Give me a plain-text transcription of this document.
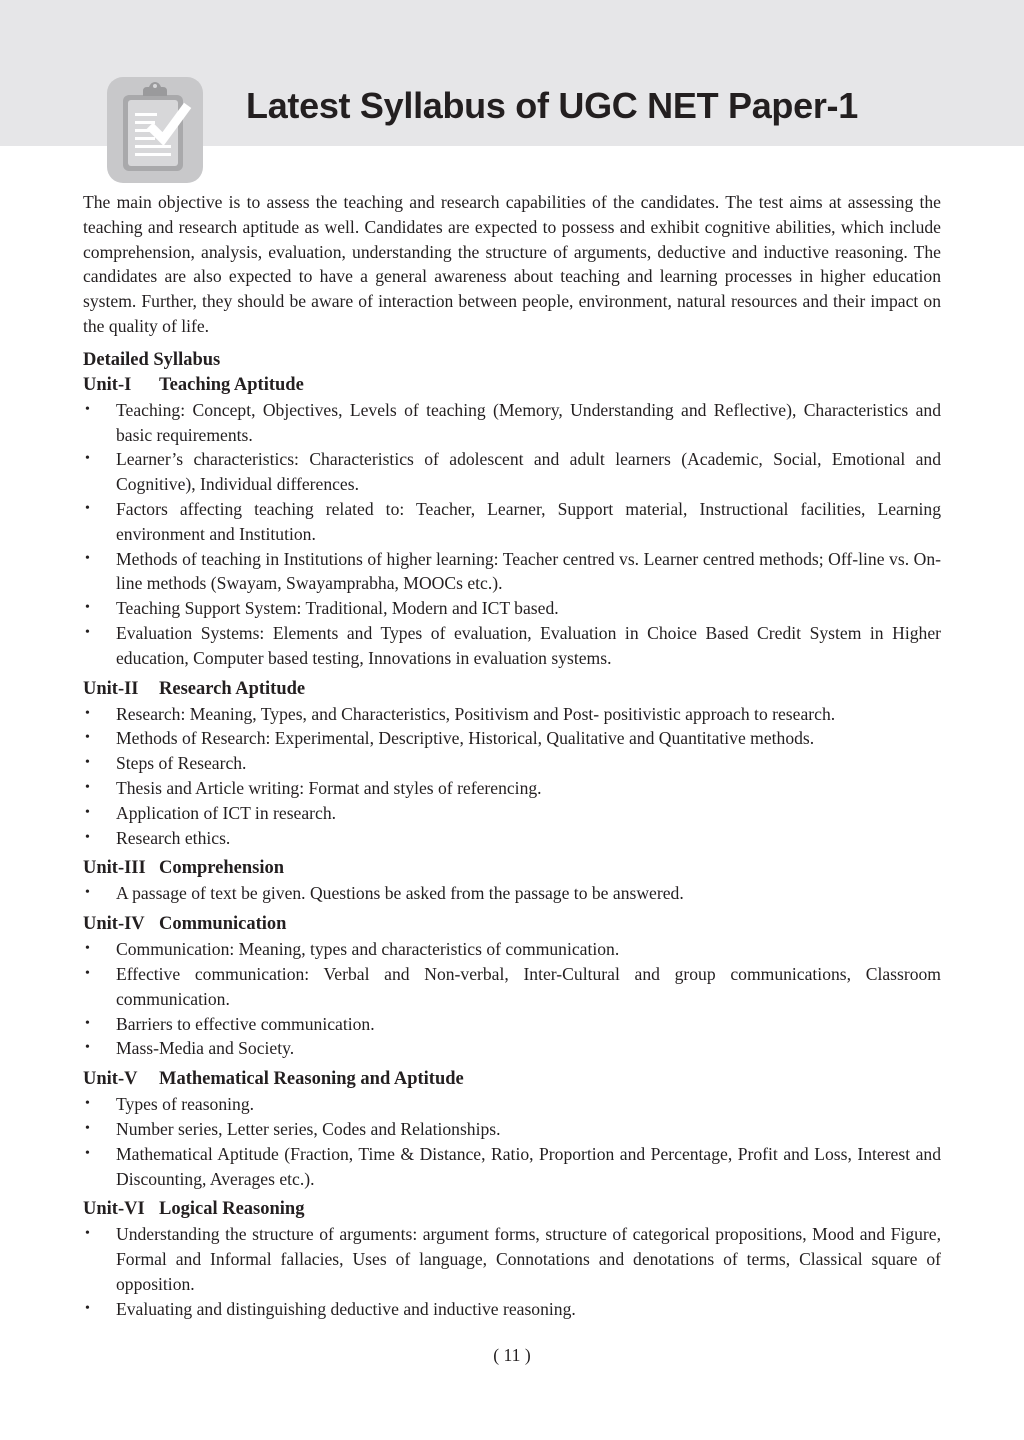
Latest Syllabus of UGC NET Paper-1

The main objective is to assess the teaching and research capabilities of the candidates. The test aims at assessing the teaching and research aptitude as well. Candidates are expected to possess and exhibit cognitive abilities, which include comprehension, analysis, evaluation, understanding the structure of arguments, deductive and inductive reasoning. The candidates are also expected to have a general awareness about teaching and learning processes in higher education system. Further, they should be aware of interaction between people, environment, natural resources and their impact on the quality of life.

Detailed Syllabus
Unit-I Teaching Aptitude
• Teaching: Concept, Objectives, Levels of teaching (Memory, Understanding and Reflective), Characteristics and basic requirements.
• Learner’s characteristics: Characteristics of adolescent and adult learners (Academic, Social, Emotional and Cognitive), Individual differences.
• Factors affecting teaching related to: Teacher, Learner, Support material, Instructional facilities, Learning environment and Institution.
• Methods of teaching in Institutions of higher learning: Teacher centred vs. Learner centred methods; Off-line vs. On-line methods (Swayam, Swayamprabha, MOOCs etc.).
• Teaching Support System: Traditional, Modern and ICT based.
• Evaluation Systems: Elements and Types of evaluation, Evaluation in Choice Based Credit System in Higher education, Computer based testing, Innovations in evaluation systems.
Unit-II Research Aptitude
• Research: Meaning, Types, and Characteristics, Positivism and Post- positivistic approach to research.
• Methods of Research: Experimental, Descriptive, Historical, Qualitative and Quantitative methods.
• Steps of Research.
• Thesis and Article writing: Format and styles of referencing.
• Application of ICT in research.
• Research ethics.
Unit-III Comprehension
• A passage of text be given. Questions be asked from the passage to be answered.
Unit-IV Communication
• Communication: Meaning, types and characteristics of communication.
• Effective communication: Verbal and Non-verbal, Inter-Cultural and group communications, Classroom communication.
• Barriers to effective communication.
• Mass-Media and Society.
Unit-V Mathematical Reasoning and Aptitude
• Types of reasoning.
• Number series, Letter series, Codes and Relationships.
• Mathematical Aptitude (Fraction, Time & Distance, Ratio, Proportion and Percentage, Profit and Loss, Interest and Discounting, Averages etc.).
Unit-VI Logical Reasoning
• Understanding the structure of arguments: argument forms, structure of categorical propositions, Mood and Figure, Formal and Informal fallacies, Uses of language, Connotations and denotations of terms, Classical square of opposition.
• Evaluating and distinguishing deductive and inductive reasoning.
( 11 )
